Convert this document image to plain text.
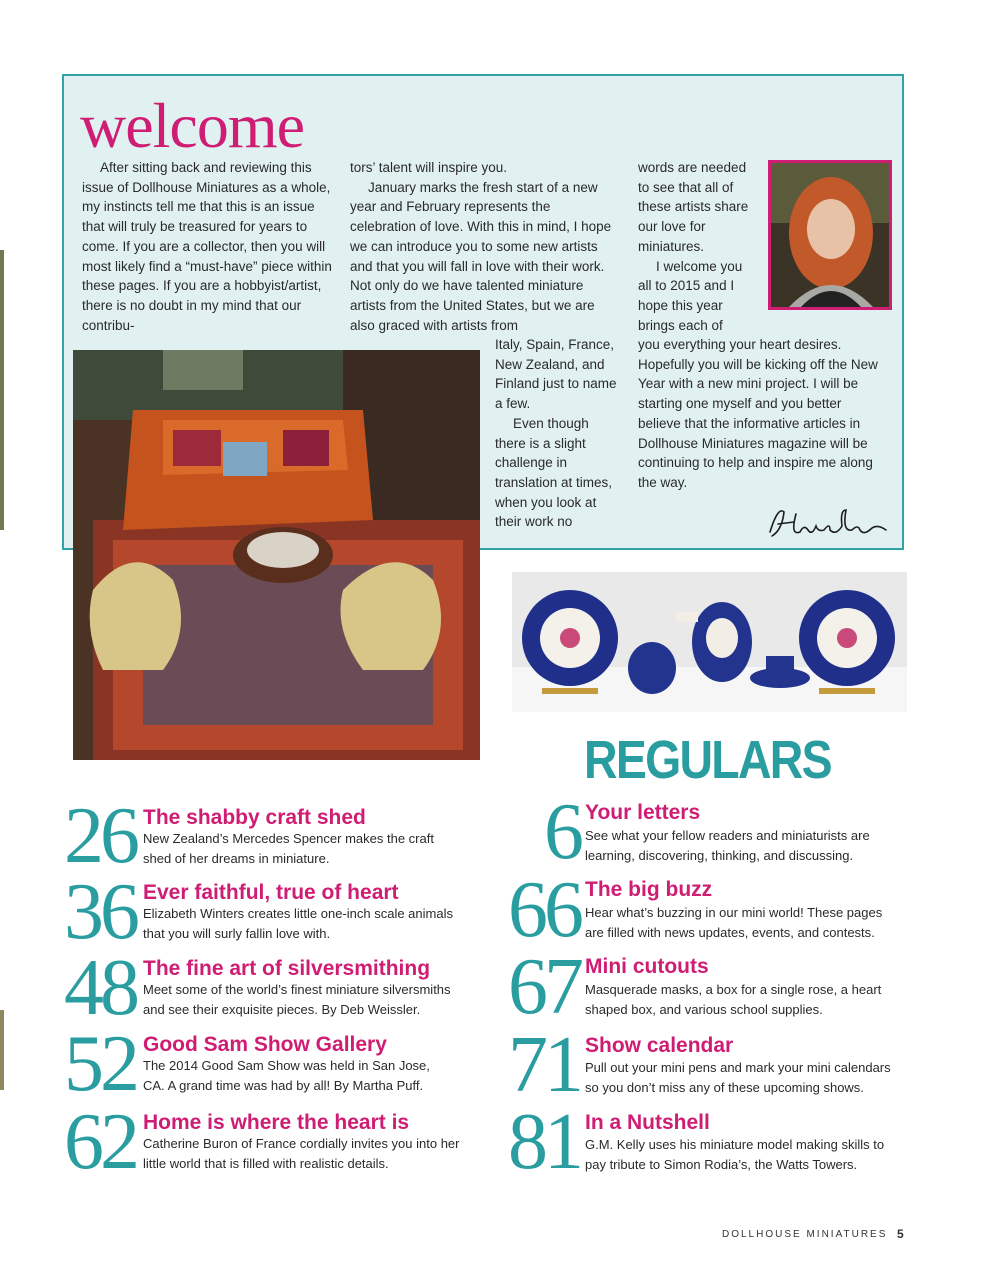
welcome

After sitting back and reviewing this issue of Dollhouse Miniatures as a whole, my instincts tell me that this is an issue that will truly be treasured for years to come. If you are a collector, then you will most likely find a “must-have” piece within these pages. If you are a hobbyist/artist, there is no doubt in my mind that our contribu-

tors’ talent will inspire you.
January marks the fresh start of a new year and February represents the celebration of love. With this in mind, I hope we can introduce you to some new artists and that you will fall in love with their work. Not only do we have talented miniature artists from the United States, but we are also graced with artists from

Italy, Spain, France, New Zealand, and Finland just to name a few.
Even though there is a slight challenge in translation at times, when you look at their work no

words are needed to see that all of these artists share our love for miniatures.
I welcome you all to 2015 and I hope this year brings each of

you everything your heart desires. Hopefully you will be kicking off the New Year with a new mini project. I will be starting one myself and you better believe that the informative articles in Dollhouse Miniatures magazine will be continuing to help and inspire me along the way.

REGULARS
26 The shabby craft shed
New Zealand’s Mercedes Spencer makes the craft shed of her dreams in miniature.
36 Ever faithful, true of heart
Elizabeth Winters creates little one-inch scale animals that you will surly fallin love with.
48 The fine art of silversmithing
Meet some of the world’s finest miniature silversmiths and see their exquisite pieces. By Deb Weissler.
52 Good Sam Show Gallery
The 2014 Good Sam Show was held in San Jose, CA. A grand time was had by all! By Martha Puff.
62 Home is where the heart is
Catherine Buron of France cordially invites you into her little world that is filled with realistic details.
6 Your letters
See what your fellow readers and miniaturists are learning, discovering, thinking, and discussing.
66 The big buzz
Hear what’s buzzing in our mini world! These pages are filled with news updates, events, and contests.
67 Mini cutouts
Masquerade masks, a box for a single rose, a heart shaped box, and various school supplies.
71 Show calendar
Pull out your mini pens and mark your mini calendars so you don’t miss any of these upcoming shows.
81 In a Nutshell
G.M. Kelly uses his miniature model making skills to pay tribute to Simon Rodia’s, the Watts Towers.
DOLLHOUSE MINIATURES 5
